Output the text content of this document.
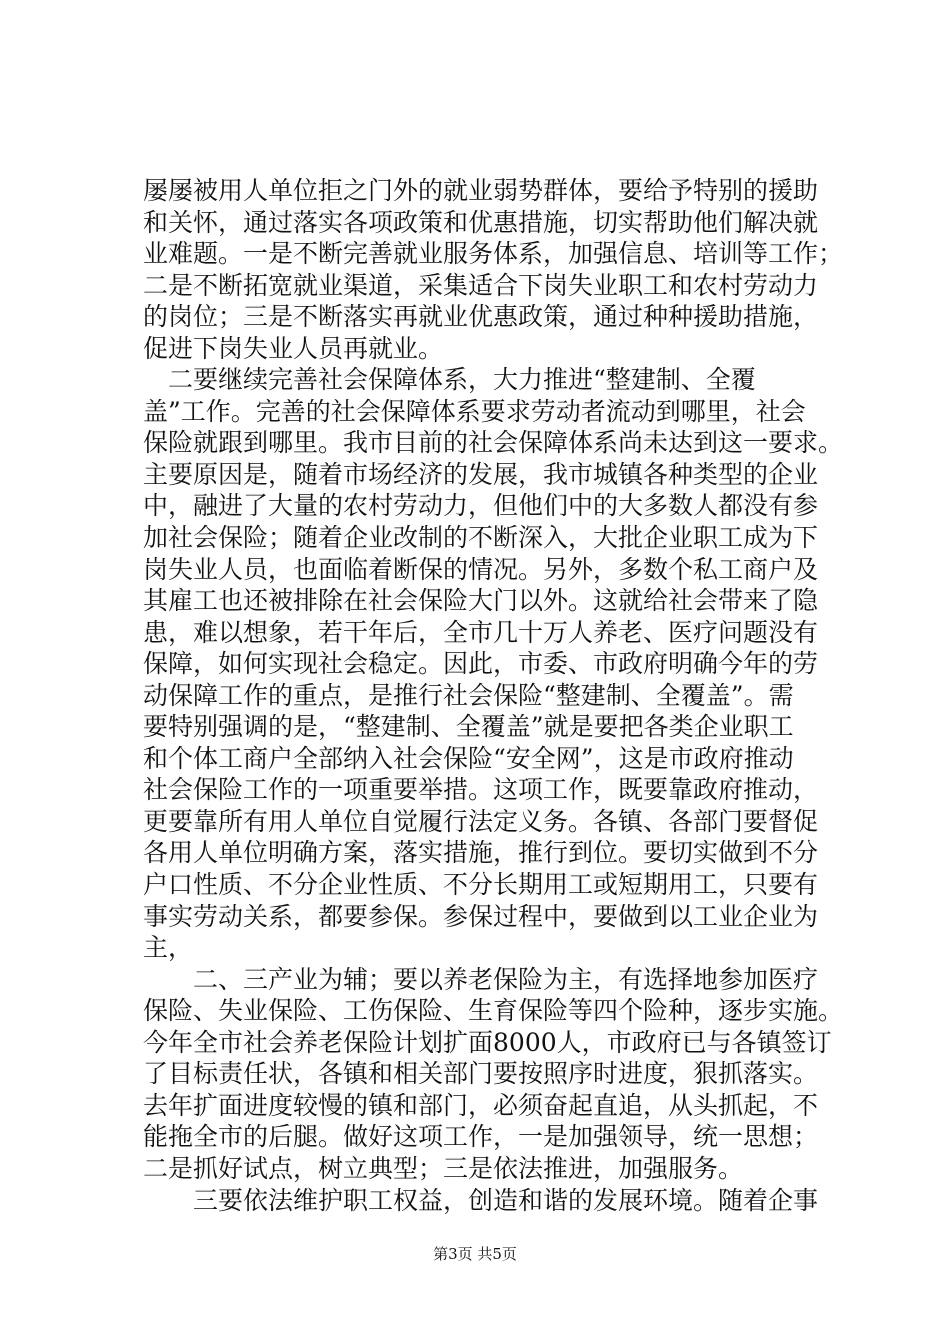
屡屡被用人单位拒之门外的就业弱势群体，要给予特别的援助
和关怀，通过落实各项政策和优惠措施，切实帮助他们解决就
业难题。一是不断完善就业服务体系，加强信息、培训等工作；
二是不断拓宽就业渠道，采集适合下岗失业职工和农村劳动力
的岗位；三是不断落实再就业优惠政策，通过种种援助措施，
促进下岗失业人员再就业。
　二要继续完善社会保障体系，大力推进“整建制、全覆
盖”工作。完善的社会保障体系要求劳动者流动到哪里，社会
保险就跟到哪里。我市目前的社会保障体系尚未达到这一要求。
主要原因是，随着市场经济的发展，我市城镇各种类型的企业
中，融进了大量的农村劳动力，但他们中的大多数人都没有参
加社会保险；随着企业改制的不断深入，大批企业职工成为下
岗失业人员，也面临着断保的情况。另外，多数个私工商户及
其雇工也还被排除在社会保险大门以外。这就给社会带来了隐
患，难以想象，若干年后，全市几十万人养老、医疗问题没有
保障，如何实现社会稳定。因此，市委、市政府明确今年的劳
动保障工作的重点，是推行社会保险“整建制、全覆盖”。需
要特别强调的是，“整建制、全覆盖”就是要把各类企业职工
和个体工商户全部纳入社会保险“安全网”，这是市政府推动
社会保险工作的一项重要举措。这项工作，既要靠政府推动，
更要靠所有用人单位自觉履行法定义务。各镇、各部门要督促
各用人单位明确方案，落实措施，推行到位。要切实做到不分
户口性质、不分企业性质、不分长期用工或短期用工，只要有
事实劳动关系，都要参保。参保过程中，要做到以工业企业为
主，
　　二、三产业为辅；要以养老保险为主，有选择地参加医疗
保险、失业保险、工伤保险、生育保险等四个险种，逐步实施。
今年全市社会养老保险计划扩面8000人，市政府已与各镇签订
了目标责任状，各镇和相关部门要按照序时进度，狠抓落实。
去年扩面进度较慢的镇和部门，必须奋起直追，从头抓起，不
能拖全市的后腿。做好这项工作，一是加强领导，统一思想；
二是抓好试点，树立典型；三是依法推进，加强服务。
　　三要依法维护职工权益，创造和谐的发展环境。随着企事
第3页 共5页
